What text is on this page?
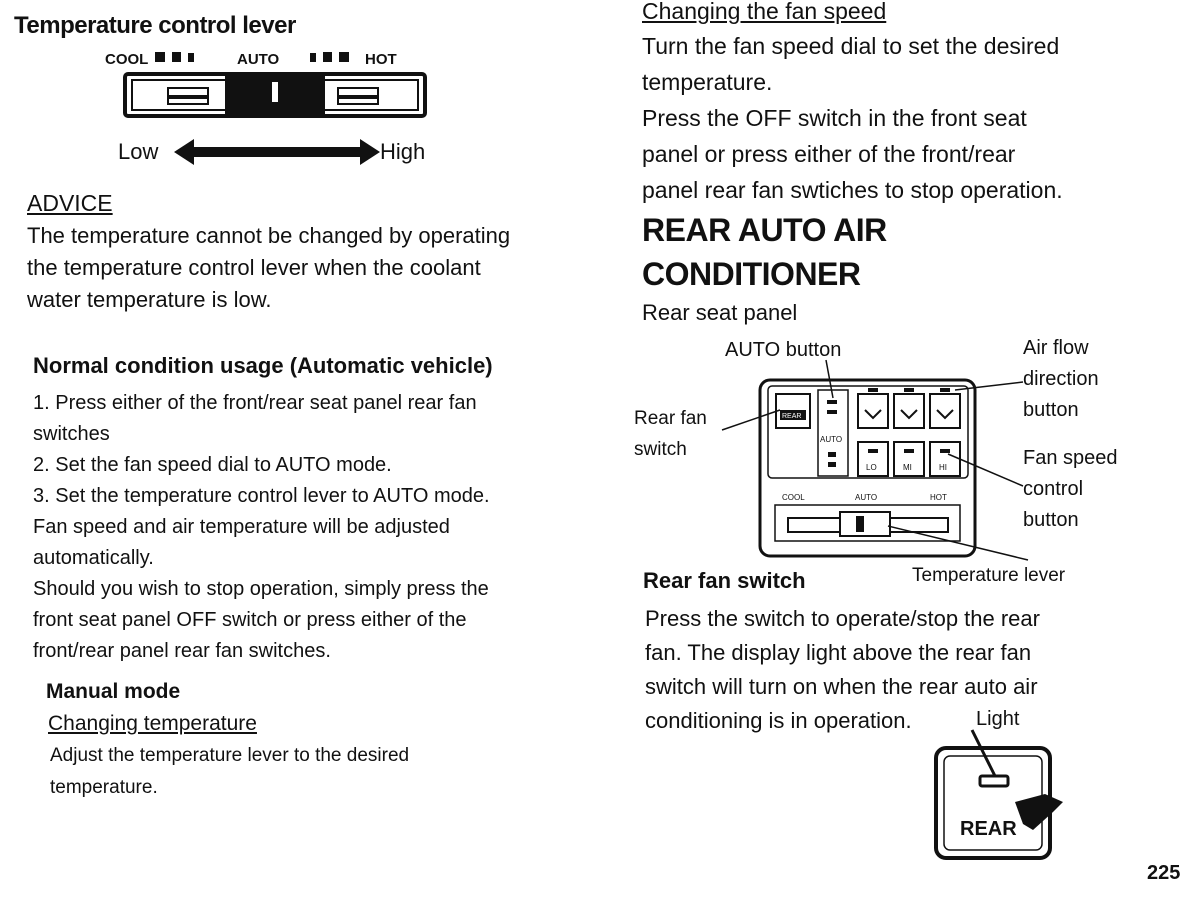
Temperature control lever
COOL	AUTO	HOT
Low	High
ADVICE
The temperature cannot be changed by operating
the temperature control lever when the coolant
water temperature is low.
Normal condition usage (Automatic vehicle)
1. Press either of the front/rear seat panel rear fan
switches
2. Set the fan speed dial to AUTO mode.
3. Set the temperature control lever to AUTO mode.
Fan speed and air temperature will be adjusted
automatically.
Should you wish to stop operation, simply press the
front seat panel OFF switch or press either of the
front/rear panel rear fan switches.
Manual mode
Changing temperature
Adjust the temperature lever to the desired
temperature.
Changing the fan speed
Turn the fan speed dial to set the desired
temperature.
Press the OFF switch in the front seat
panel or press either of the front/rear
panel rear fan swtiches to stop operation.
REAR AUTO AIR
CONDITIONER
Rear seat panel
AUTO button	Air flow
direction
button
Rear fan
switch	Fan speed
control
button
Temperature lever
REAR
AUTO
LO	MI	HI
COOL	AUTO	HOT
Rear fan switch
Press the switch to operate/stop the rear
fan. The display light above the rear fan
switch will turn on when the rear auto air
conditioning is in operation.	Light
REAR
225
